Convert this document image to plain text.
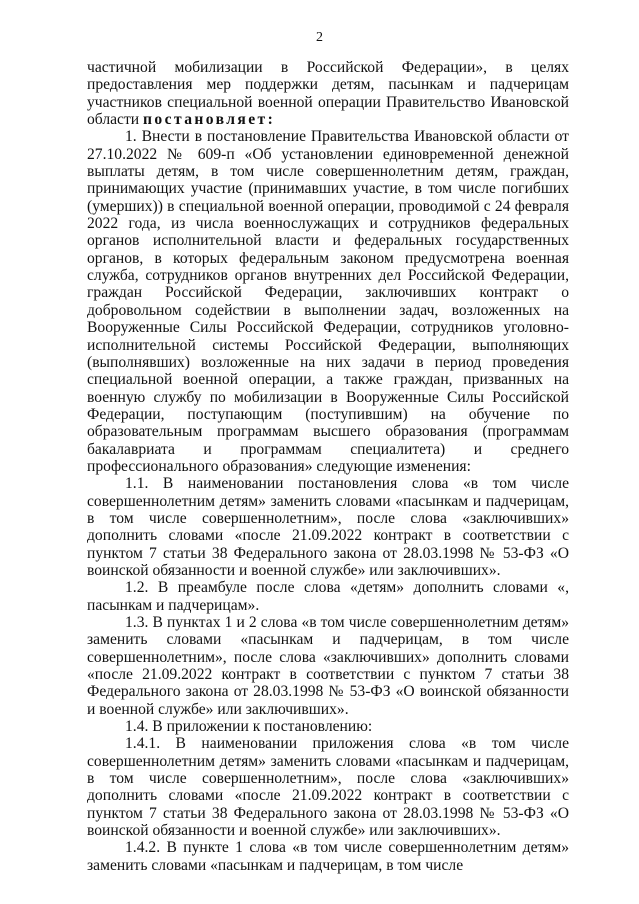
2

частичной мобилизации в Российской Федерации», в целях предоставления мер поддержки детям, пасынкам и падчерицам участников специальной военной операции Правительство Ивановской области постановляет:

1. Внести в постановление Правительства Ивановской области от 27.10.2022 № 609-п «Об установлении единовременной денежной выплаты детям, в том числе совершеннолетним детям, граждан, принимающих участие (принимавших участие, в том числе погибших (умерших)) в специальной военной операции, проводимой с 24 февраля 2022 года, из числа военнослужащих и сотрудников федеральных органов исполнительной власти и федеральных государственных органов, в которых федеральным законом предусмотрена военная служба, сотрудников органов внутренних дел Российской Федерации, граждан Российской Федерации, заключивших контракт о добровольном содействии в выполнении задач, возложенных на Вооруженные Силы Российской Федерации, сотрудников уголовно-исполнительной системы Российской Федерации, выполняющих (выполнявших) возложенные на них задачи в период проведения специальной военной операции, а также граждан, призванных на военную службу по мобилизации в Вооруженные Силы Российской Федерации, поступающим (поступившим) на обучение по образовательным программам высшего образования (программам бакалавриата и программам специалитета) и среднего профессионального образования» следующие изменения:

1.1. В наименовании постановления слова «в том числе совершеннолетним детям» заменить словами «пасынкам и падчерицам, в том числе совершеннолетним», после слова «заключивших» дополнить словами «после 21.09.2022 контракт в соответствии с пунктом 7 статьи 38 Федерального закона от 28.03.1998 № 53-ФЗ «О воинской обязанности и военной службе» или заключивших».

1.2. В преамбуле после слова «детям» дополнить словами «, пасынкам и падчерицам».

1.3. В пунктах 1 и 2 слова «в том числе совершеннолетним детям» заменить словами «пасынкам и падчерицам, в том числе совершеннолетним», после слова «заключивших» дополнить словами «после 21.09.2022 контракт в соответствии с пунктом 7 статьи 38 Федерального закона от 28.03.1998 № 53-ФЗ «О воинской обязанности и военной службе» или заключивших».

1.4. В приложении к постановлению:

1.4.1. В наименовании приложения слова «в том числе совершеннолетним детям» заменить словами «пасынкам и падчерицам, в том числе совершеннолетним», после слова «заключивших» дополнить словами «после 21.09.2022 контракт в соответствии с пунктом 7 статьи 38 Федерального закона от 28.03.1998 № 53-ФЗ «О воинской обязанности и военной службе» или заключивших».

1.4.2. В пункте 1 слова «в том числе совершеннолетним детям» заменить словами «пасынкам и падчерицам, в том числе
